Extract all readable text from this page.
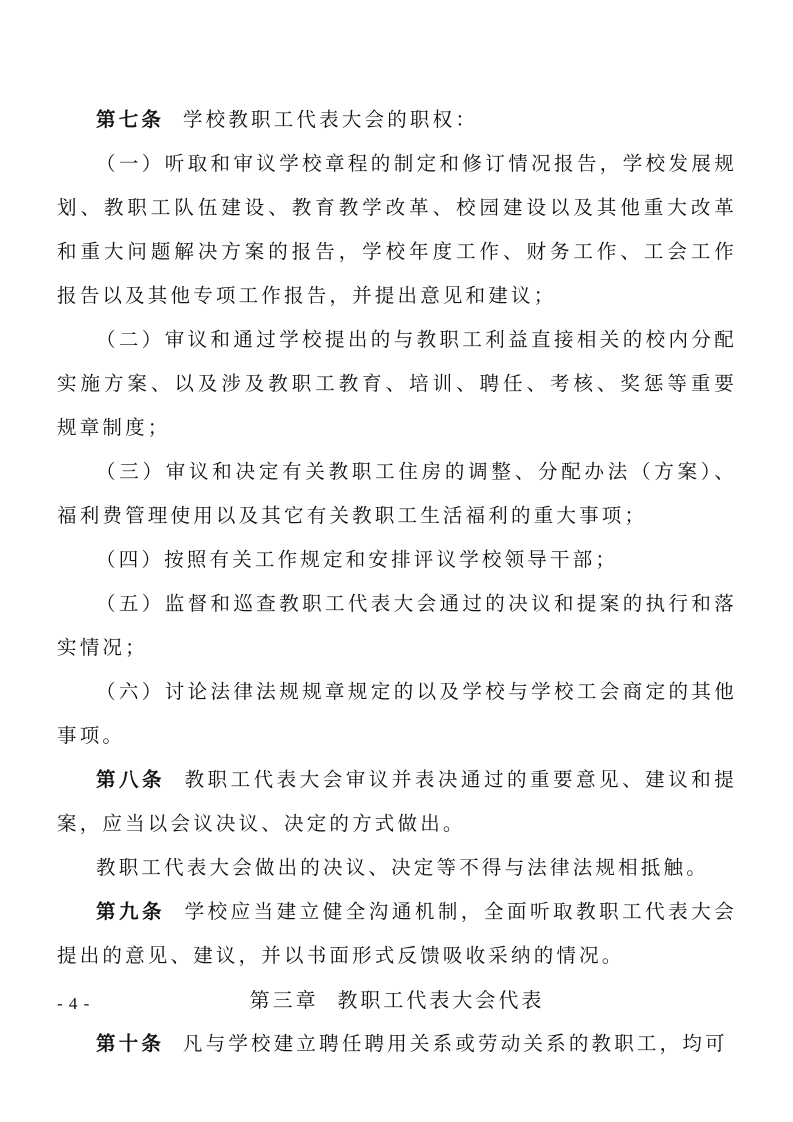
第七条 学校教职工代表大会的职权：

（一）听取和审议学校章程的制定和修订情况报告，学校发展规划、教职工队伍建设、教育教学改革、校园建设以及其他重大改革和重大问题解决方案的报告，学校年度工作、财务工作、工会工作报告以及其他专项工作报告，并提出意见和建议；

（二）审议和通过学校提出的与教职工利益直接相关的校内分配实施方案、以及涉及教职工教育、培训、聘任、考核、奖惩等重要规章制度；

（三）审议和决定有关教职工住房的调整、分配办法（方案）、福利费管理使用以及其它有关教职工生活福利的重大事项；

（四）按照有关工作规定和安排评议学校领导干部；

（五）监督和巡查教职工代表大会通过的决议和提案的执行和落实情况；

（六）讨论法律法规规章规定的以及学校与学校工会商定的其他事项。

第八条 教职工代表大会审议并表决通过的重要意见、建议和提案，应当以会议决议、决定的方式做出。

教职工代表大会做出的决议、决定等不得与法律法规相抵触。

第九条 学校应当建立健全沟通机制，全面听取教职工代表大会提出的意见、建议，并以书面形式反馈吸收采纳的情况。

第三章 教职工代表大会代表

第十条 凡与学校建立聘任聘用关系或劳动关系的教职工，均可

- 4 -
